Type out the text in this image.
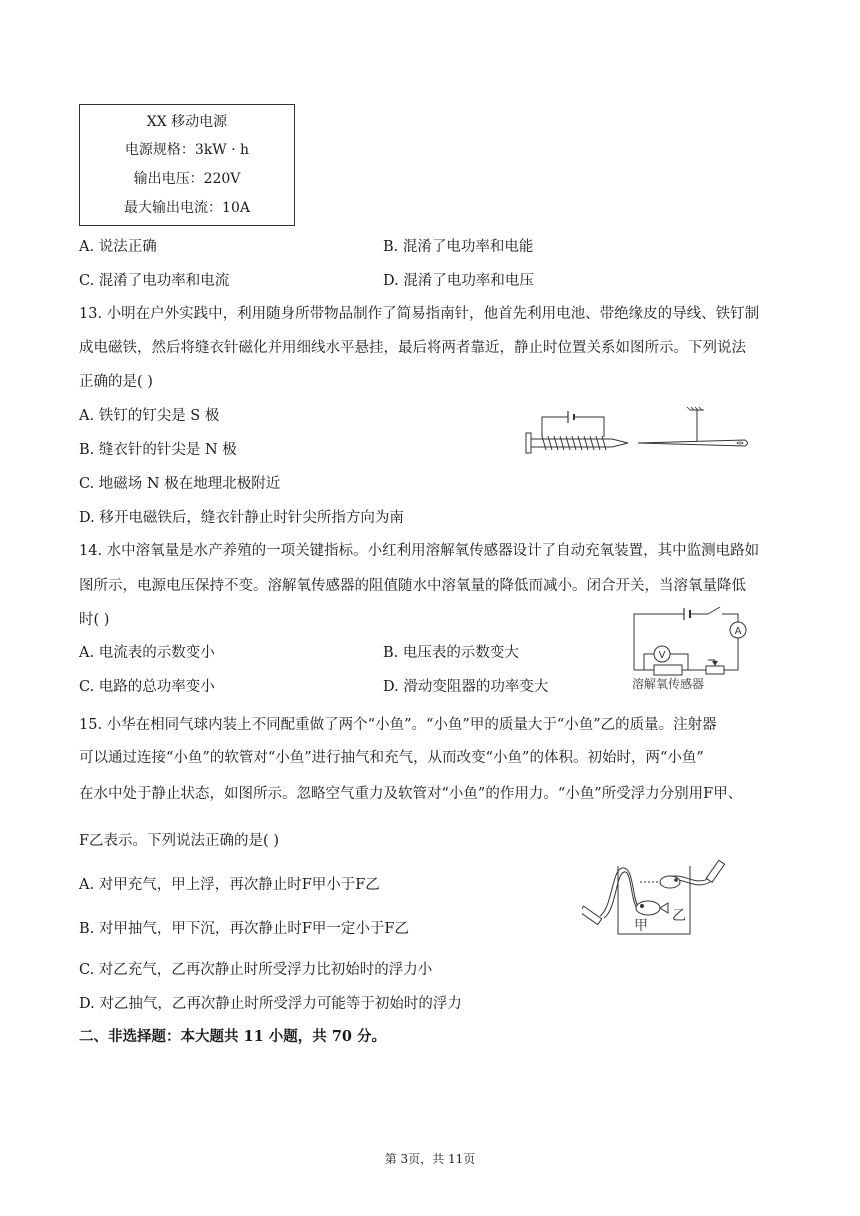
XX 移动电源
电源规格：3kW · h
输出电压：220V
最大输出电流：10A
A. 说法正确	B. 混淆了电功率和电能
C. 混淆了电功率和电流	D. 混淆了电功率和电压
13. 小明在户外实践中，利用随身所带物品制作了简易指南针，他首先利用电池、带绝缘皮的导线、铁钉制
成电磁铁，然后将缝衣针磁化并用细线水平悬挂，最后将两者靠近，静止时位置关系如图所示。下列说法
正确的是( )
A. 铁钉的钉尖是 S 极
B. 缝衣针的针尖是 N 极
C. 地磁场 N 极在地理北极附近
D. 移开电磁铁后，缝衣针静止时针尖所指方向为南
14. 水中溶氧量是水产养殖的一项关键指标。小红利用溶解氧传感器设计了自动充氧装置，其中监测电路如
图所示，电源电压保持不变。溶解氧传感器的阻值随水中溶氧量的降低而减小。闭合开关，当溶氧量降低
时( )
A. 电流表的示数变小	B. 电压表的示数变大
C. 电路的总功率变小	D. 滑动变阻器的功率变大
V
A
溶解氧传感器
15. 小华在相同气球内装上不同配重做了两个“小鱼”。“小鱼”甲的质量大于“小鱼”乙的质量。注射器
可以通过连接“小鱼”的软管对“小鱼”进行抽气和充气，从而改变“小鱼”的体积。初始时，两“小鱼”
在水中处于静止状态，如图所示。忽略空气重力及软管对“小鱼”的作用力。“小鱼”所受浮力分别用F甲、
F乙表示。下列说法正确的是( )
A. 对甲充气，甲上浮，再次静止时F甲小于F乙
B. 对甲抽气，甲下沉，再次静止时F甲一定小于F乙
C. 对乙充气，乙再次静止时所受浮力比初始时的浮力小
D. 对乙抽气，乙再次静止时所受浮力可能等于初始时的浮力
乙
甲
二、非选择题：本大题共 11 小题，共 70 分。
第 3页，共 11页
